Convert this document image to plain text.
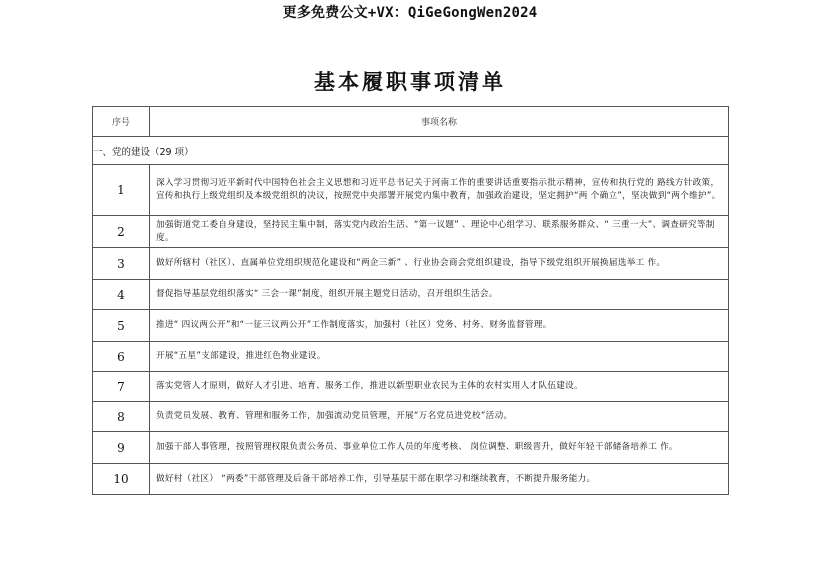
更多免费公文+VX：QiGeGongWen2024
基本履职事项清单
序号	事项名称
一、党的建设（29 项）	
1	深入学习贯彻习近平新时代中国特色社会主义思想和习近平总书记关于河南工作的重要讲话重要指示批示精神，宣传和执行党的 路线方针政策，宣传和执行上级党组织及本级党组织的决议，按照党中央部署开展党内集中教育，加强政治建设，坚定拥护“两 个确立”，坚决做到“两个维护”。
2	加强街道党工委自身建设，坚持民主集中制，落实党内政治生活、“第一议题” 、理论中心组学习、联系服务群众、“ 三重一大”、调查研究等制度。
3	做好所辖村（社区）、直属单位党组织规范化建设和“两企三新” 、行业协会商会党组织建设，指导下级党组织开展换届选举工 作。
4	督促指导基层党组织落实“ 三会一课”制度，组织开展主题党日活动，召开组织生活会。
5	推进“ 四议两公开”和“一征三议两公开”工作制度落实，加强村（社区）党务、村务、财务监督管理。
6	开展“五星”支部建设，推进红色物业建设。
7	落实党管人才原则，做好人才引进、培育、服务工作，推进以新型职业农民为主体的农村实用人才队伍建设。
8	负责党员发展、教育、管理和服务工作，加强流动党员管理，开展“万名党员进党校”活动。
9	加强干部人事管理，按照管理权限负责公务员、事业单位工作人员的年度考核、 岗位调整、职级晋升，做好年轻干部储备培养工 作。
10	做好村（社区） “两委”干部管理及后备干部培养工作，引导基层干部在职学习和继续教育，不断提升服务能力。
